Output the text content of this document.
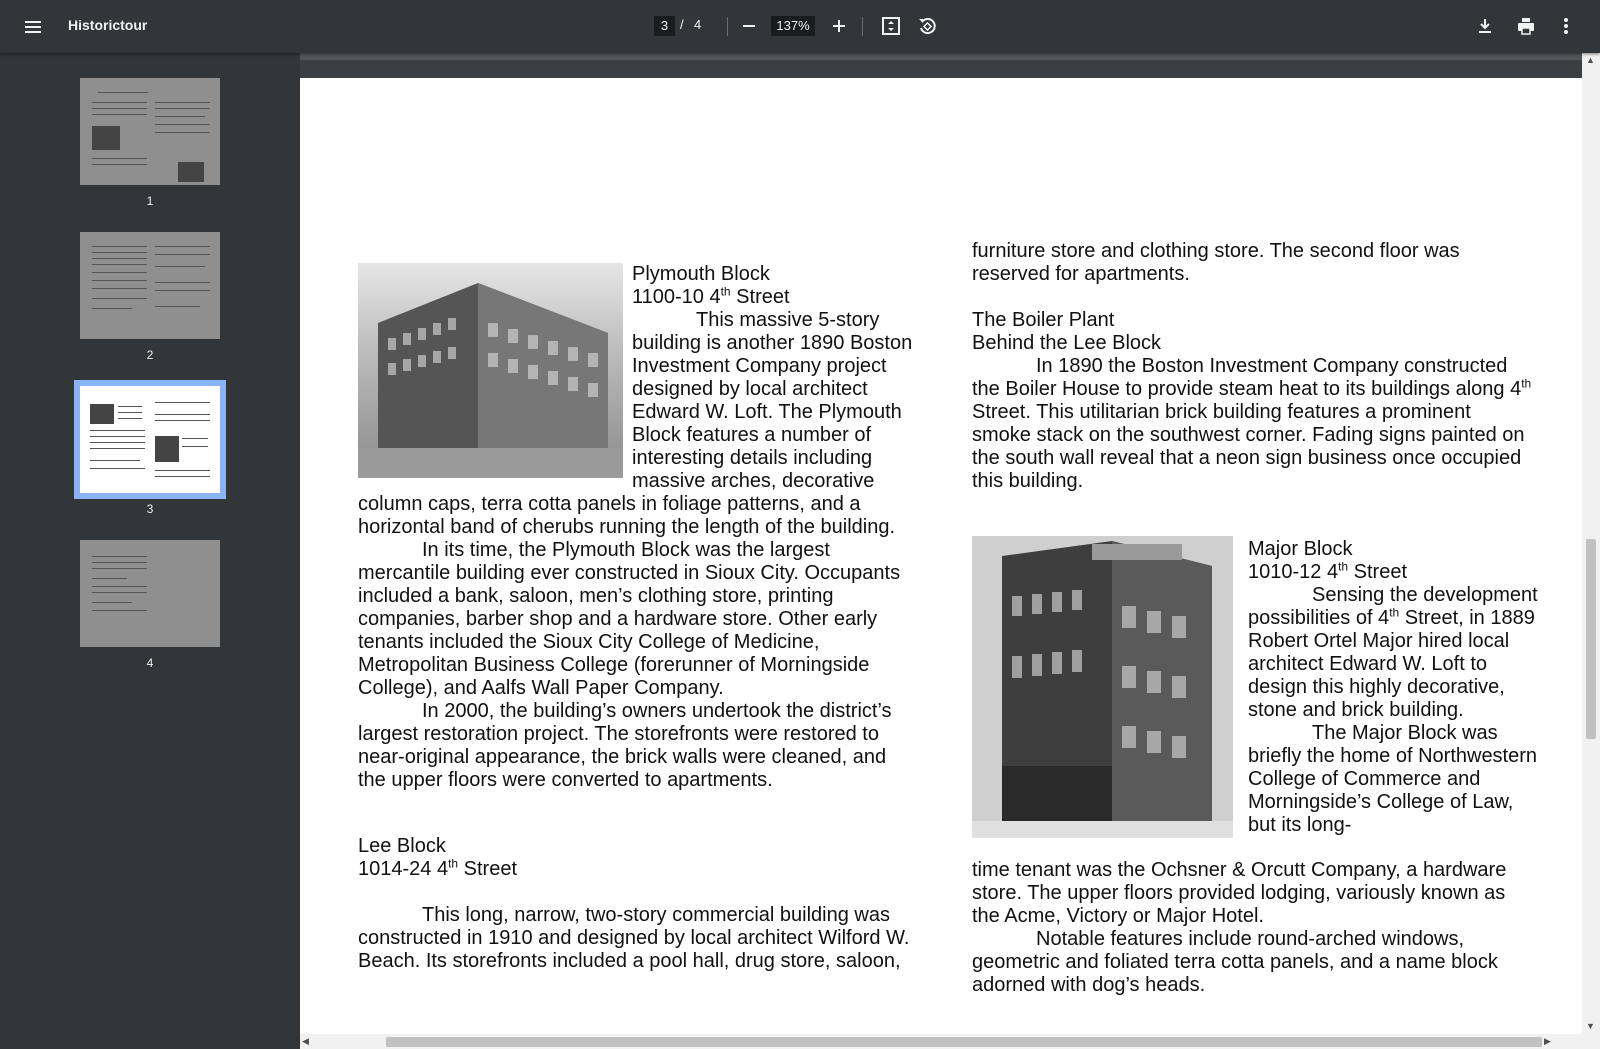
Historictour	3 / 4	137%
1
2
3
4

Plymouth Block

1100-10 4th Street

This massive 5-story building is another 1890 Boston Investment Company project designed by local architect Edward W. Loft. The Plymouth Block features a number of interesting details including massive arches, decorative

column caps, terra cotta panels in foliage patterns, and a horizontal band of cherubs running the length of the building.

In its time, the Plymouth Block was the largest mercantile building ever constructed in Sioux City. Occupants included a bank, saloon, men’s clothing store, printing companies, barber shop and a hardware store. Other early tenants included the Sioux City College of Medicine, Metropolitan Business College (forerunner of Morningside College), and Aalfs Wall Paper Company.

In 2000, the building’s owners undertook the district’s largest restoration project. The storefronts were restored to near-original appearance, the brick walls were cleaned, and the upper floors were converted to apartments.

Lee Block

1014-24 4th Street

This long, narrow, two-story commercial building was constructed in 1910 and designed by local architect Wilford W. Beach. Its storefronts included a pool hall, drug store, saloon,

furniture store and clothing store. The second floor was reserved for apartments.

The Boiler Plant

Behind the Lee Block

In 1890 the Boston Investment Company constructed the Boiler House to provide steam heat to its buildings along 4th Street. This utilitarian brick building features a prominent smoke stack on the southwest corner. Fading signs painted on the south wall reveal that a neon sign business once occupied this building.

Major Block

1010-12 4th Street

Sensing the development possibilities of 4th Street, in 1889 Robert Ortel Major hired local architect Edward W. Loft to design this highly decorative, stone and brick building.

The Major Block was briefly the home of Northwestern College of Commerce and Morningside’s College of Law, but its long-

time tenant was the Ochsner & Orcutt Company, a hardware store. The upper floors provided lodging, variously known as the Acme, Victory or Major Hotel.

Notable features include round-arched windows, geometric and foliated terra cotta panels, and a name block adorned with dog’s heads.

▲
▼
◀	▶
